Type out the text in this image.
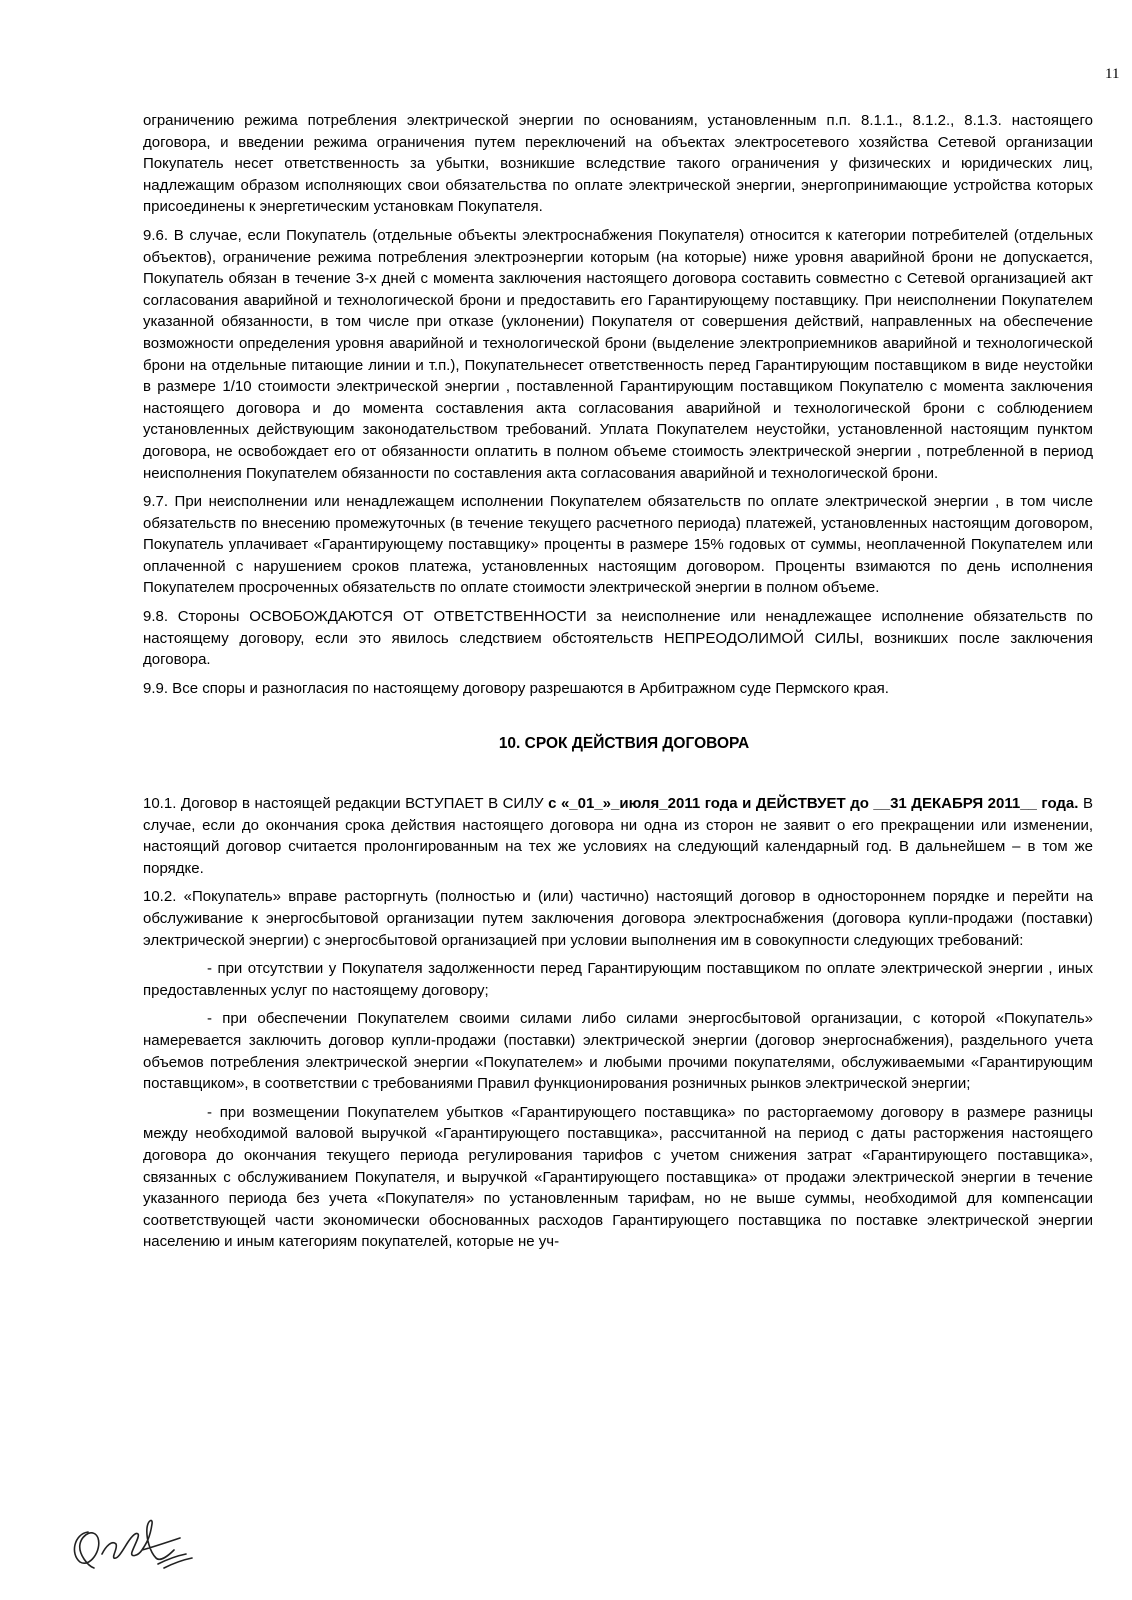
11

ограничению режима потребления электрической энергии по основаниям, установленным п.п. 8.1.1., 8.1.2., 8.1.3. настоящего договора, и введении режима ограничения путем переключений на объектах электросетевого хозяйства Сетевой организации Покупатель несет ответственность за убытки, возникшие вследствие такого ограничения у физических и юридических лиц, надлежащим образом исполняющих свои обязательства по оплате электрической энергии, энергопринимающие устройства которых присоединены к энергетическим установкам Покупателя.

9.6. В случае, если Покупатель (отдельные объекты электроснабжения Покупателя) относится к категории потребителей (отдельных объектов), ограничение режима потребления электроэнергии которым (на которые) ниже уровня аварийной брони не допускается, Покупатель обязан в течение 3-х дней с момента заключения настоящего договора составить совместно с Сетевой организацией акт согласования аварийной и технологической брони и предоставить его Гарантирующему поставщику. При неисполнении Покупателем указанной обязанности, в том числе при отказе (уклонении) Покупателя от совершения действий, направленных на обеспечение возможности определения уровня аварийной и технологической брони (выделение электроприемников аварийной и технологической брони на отдельные питающие линии и т.п.), Покупательнесет ответственность перед Гарантирующим поставщиком в виде неустойки в размере 1/10 стоимости электрической энергии , поставленной Гарантирующим поставщиком Покупателю с момента заключения настоящего договора и до момента составления акта согласования аварийной и технологической брони с соблюдением установленных действующим законодательством требований. Уплата Покупателем неустойки, установленной настоящим пунктом договора, не освобождает его от обязанности оплатить в полном объеме стоимость электрической энергии , потребленной в период неисполнения Покупателем обязанности по составления акта согласования аварийной и технологической брони.

9.7. При неисполнении или ненадлежащем исполнении Покупателем обязательств по оплате электрической энергии , в том числе обязательств по внесению промежуточных (в течение текущего расчетного периода) платежей, установленных настоящим договором, Покупатель уплачивает «Гарантирующему поставщику» проценты в размере 15% годовых от суммы, неоплаченной Покупателем или оплаченной с нарушением сроков платежа, установленных настоящим договором. Проценты взимаются по день исполнения Покупателем просроченных обязательств по оплате стоимости электрической энергии в полном объеме.

9.8. Стороны ОСВОБОЖДАЮТСЯ ОТ ОТВЕТСТВЕННОСТИ за неисполнение или ненадлежащее исполнение обязательств по настоящему договору, если это явилось следствием обстоятельств НЕПРЕОДОЛИМОЙ СИЛЫ, возникших после заключения договора.

9.9. Все споры и разногласия по настоящему договору разрешаются в Арбитражном суде Пермского края.

10. СРОК ДЕЙСТВИЯ ДОГОВОРА

10.1. Договор в настоящей редакции ВСТУПАЕТ В СИЛУ с «_01_»_июля_2011 года и ДЕЙСТВУЕТ до __31 ДЕКАБРЯ 2011__ года. В случае, если до окончания срока действия настоящего договора ни одна из сторон не заявит о его прекращении или изменении, настоящий договор считается пролонгированным на тех же условиях на следующий календарный год. В дальнейшем – в том же порядке.

10.2. «Покупатель» вправе расторгнуть (полностью и (или) частично) настоящий договор в одностороннем порядке и перейти на обслуживание к энергосбытовой организации путем заключения договора электроснабжения (договора купли-продажи (поставки) электрической энергии) с энергосбытовой организацией при условии выполнения им в совокупности следующих требований:

- при отсутствии у Покупателя задолженности перед Гарантирующим поставщиком по оплате электрической энергии , иных предоставленных услуг по настоящему договору;

- при обеспечении Покупателем своими силами либо силами энергосбытовой организации, с которой «Покупатель» намеревается заключить договор купли-продажи (поставки) электрической энергии (договор энергоснабжения), раздельного учета объемов потребления электрической энергии «Покупателем» и любыми прочими покупателями, обслуживаемыми «Гарантирующим поставщиком», в соответствии с требованиями Правил функционирования розничных рынков электрической энергии;

- при возмещении Покупателем убытков «Гарантирующего поставщика» по расторгаемому договору в размере разницы между необходимой валовой выручкой «Гарантирующего поставщика», рассчитанной на период с даты расторжения настоящего договора до окончания текущего периода регулирования тарифов с учетом снижения затрат «Гарантирующего поставщика», связанных с обслуживанием Покупателя, и выручкой «Гарантирующего поставщика» от продажи электрической энергии в течение указанного периода без учета «Покупателя» по установленным тарифам, но не выше суммы, необходимой для компенсации соответствующей части экономически обоснованных расходов Гарантирующего поставщика по поставке электрической энергии населению и иным категориям покупателей, которые не уч-
